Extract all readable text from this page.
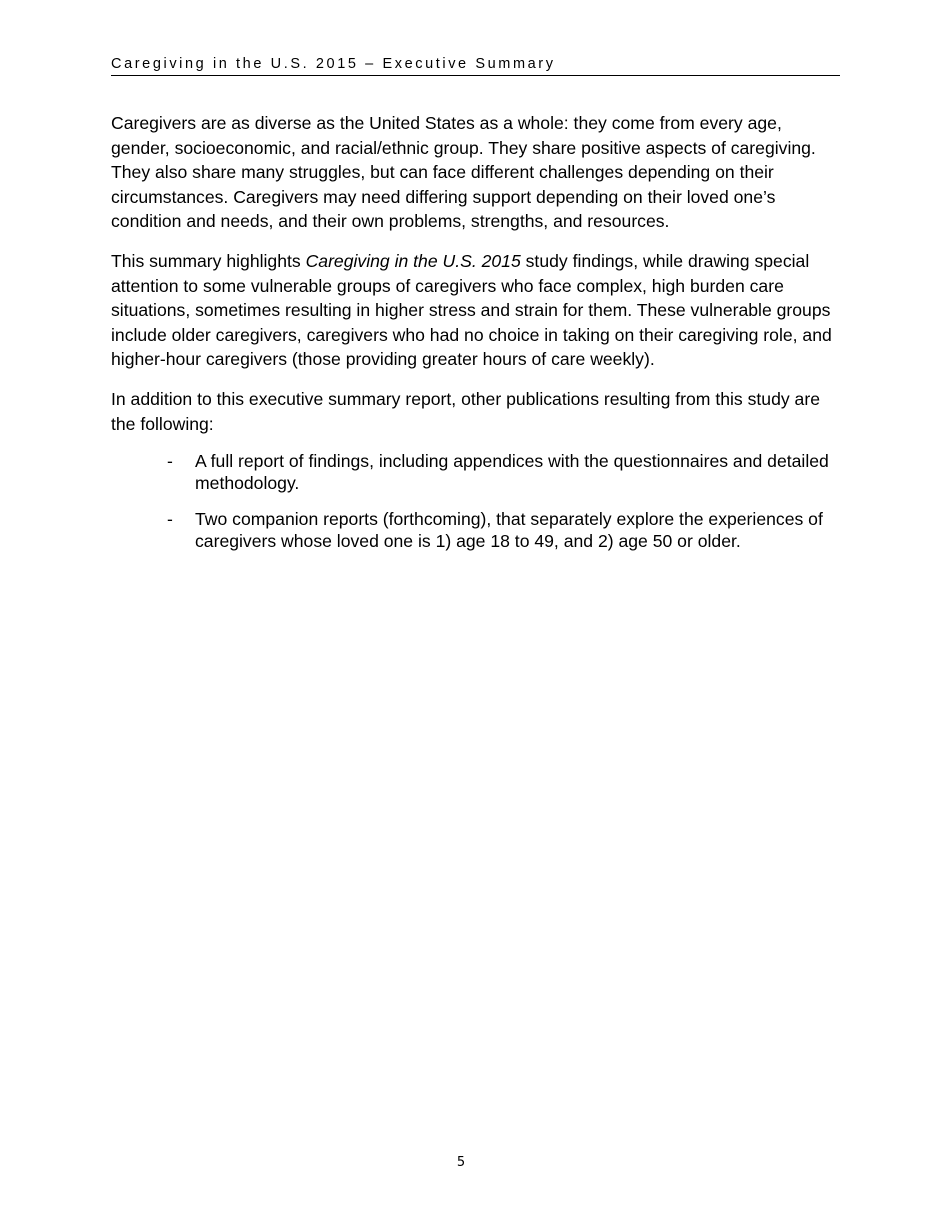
Caregiving in the U.S. 2015 – Executive Summary

Caregivers are as diverse as the United States as a whole: they come from every age, gender, socioeconomic, and racial/ethnic group. They share positive aspects of caregiving. They also share many struggles, but can face different challenges depending on their circumstances. Caregivers may need differing support depending on their loved one’s condition and needs, and their own problems, strengths, and resources.

This summary highlights Caregiving in the U.S. 2015 study findings, while drawing special attention to some vulnerable groups of caregivers who face complex, high burden care situations, sometimes resulting in higher stress and strain for them. These vulnerable groups include older caregivers, caregivers who had no choice in taking on their caregiving role, and higher-hour caregivers (those providing greater hours of care weekly).

In addition to this executive summary report, other publications resulting from this study are the following:

- A full report of findings, including appendices with the questionnaires and detailed methodology.
- Two companion reports (forthcoming), that separately explore the experiences of caregivers whose loved one is 1) age 18 to 49, and 2) age 50 or older.
5
